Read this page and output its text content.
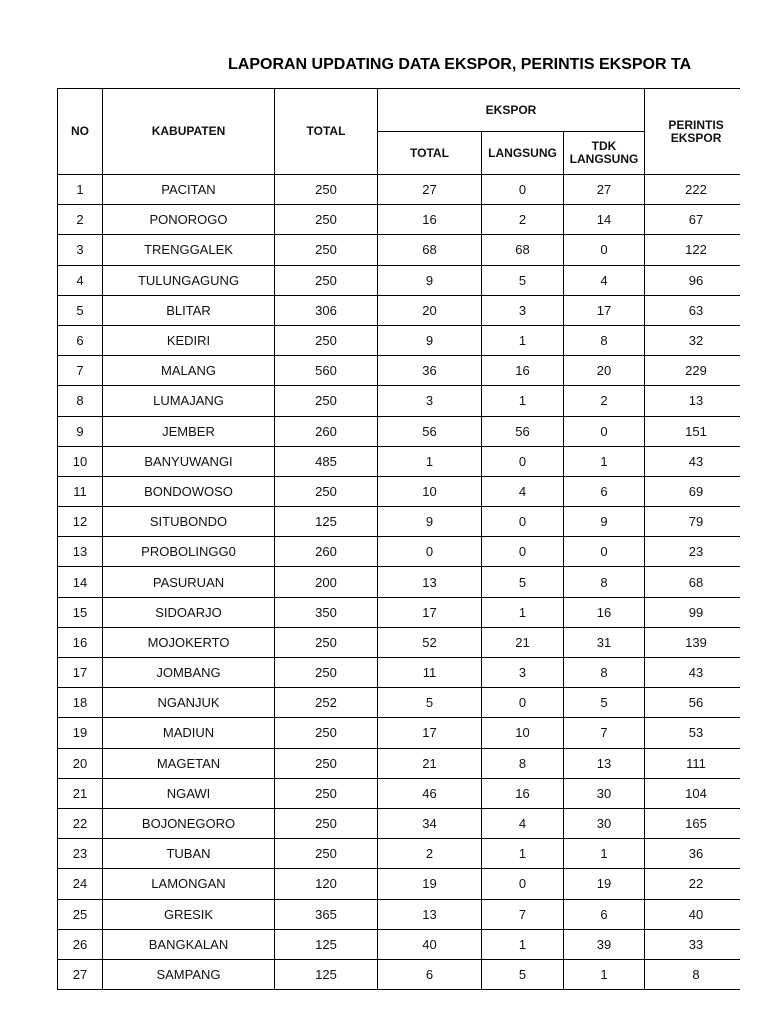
LAPORAN UPDATING DATA EKSPOR, PERINTIS EKSPOR TA
NO	KABUPATEN	TOTAL	EKSPOR			PERINTIS
EKSPOR
			TOTAL	LANGSUNG	TDK
LANGSUNG	
1	PACITAN	250	27	0	27	222
2	PONOROGO	250	16	2	14	67
3	TRENGGALEK	250	68	68	0	122
4	TULUNGAGUNG	250	9	5	4	96
5	BLITAR	306	20	3	17	63
6	KEDIRI	250	9	1	8	32
7	MALANG	560	36	16	20	229
8	LUMAJANG	250	3	1	2	13
9	JEMBER	260	56	56	0	151
10	BANYUWANGI	485	1	0	1	43
11	BONDOWOSO	250	10	4	6	69
12	SITUBONDO	125	9	0	9	79
13	PROBOLINGG0	260	0	0	0	23
14	PASURUAN	200	13	5	8	68
15	SIDOARJO	350	17	1	16	99
16	MOJOKERTO	250	52	21	31	139
17	JOMBANG	250	11	3	8	43
18	NGANJUK	252	5	0	5	56
19	MADIUN	250	17	10	7	53
20	MAGETAN	250	21	8	13	111
21	NGAWI	250	46	16	30	104
22	BOJONEGORO	250	34	4	30	165
23	TUBAN	250	2	1	1	36
24	LAMONGAN	120	19	0	19	22
25	GRESIK	365	13	7	6	40
26	BANGKALAN	125	40	1	39	33
27	SAMPANG	125	6	5	1	8
